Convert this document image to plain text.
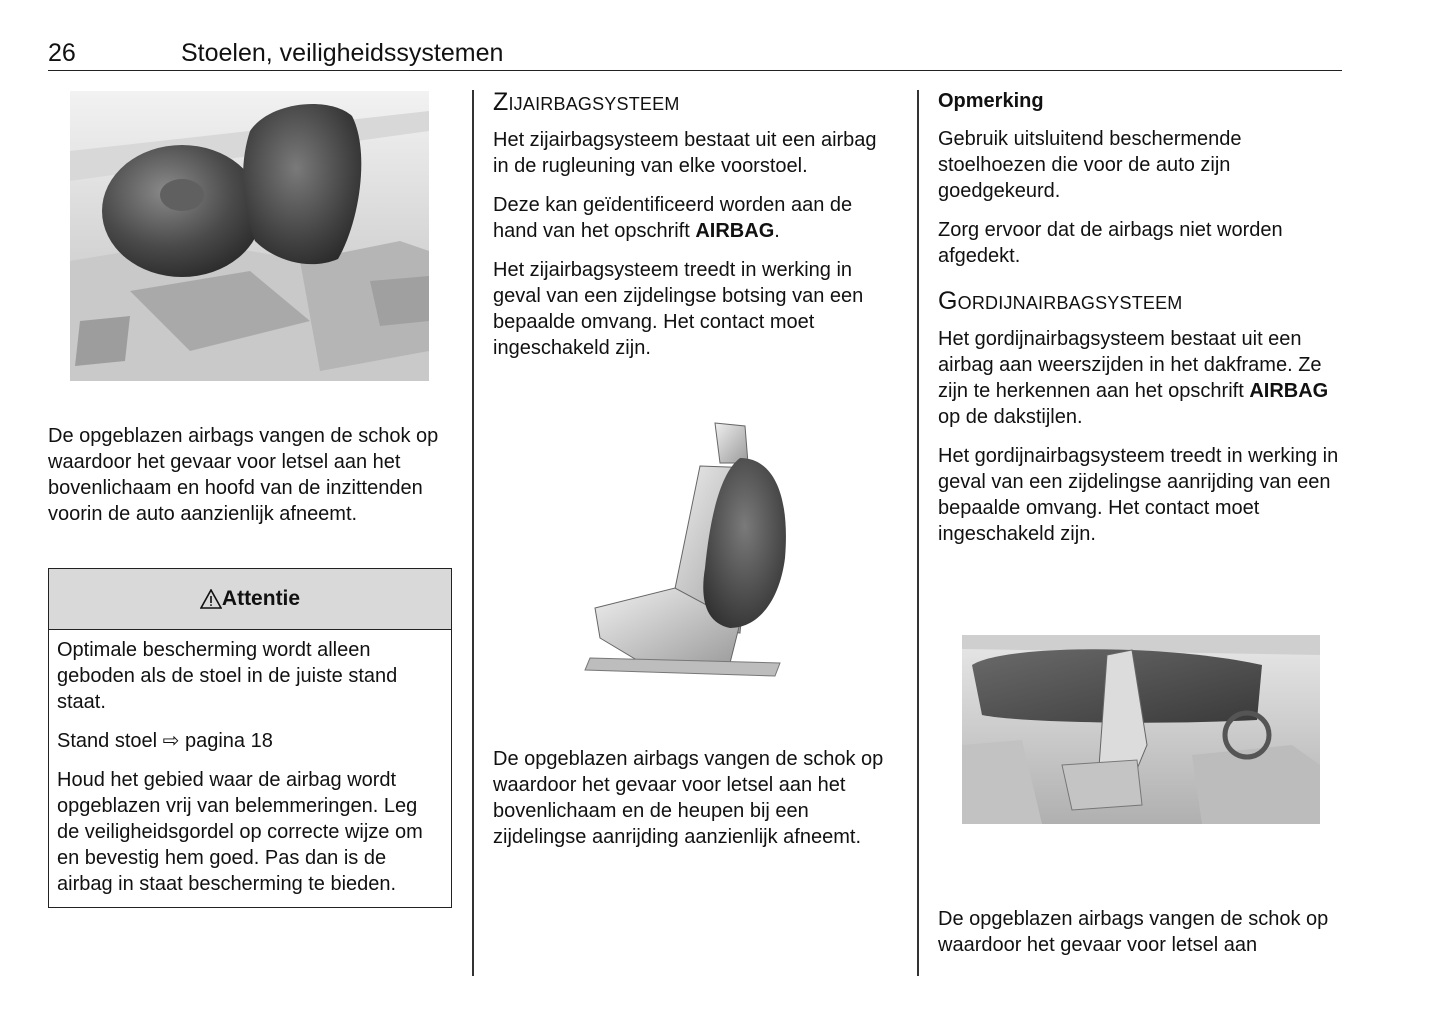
26	Stoelen, veiligheidssystemen

De opgeblazen airbags vangen de schok op waardoor het gevaar voor letsel aan het bovenlichaam en hoofd van de inzittenden voorin de auto aanzienlijk afneemt.

Attentie

Optimale bescherming wordt alleen geboden als de stoel in de juiste stand staat.

Stand stoel ⇨ pagina 18

Houd het gebied waar de airbag wordt opgeblazen vrij van belemmeringen. Leg de veiligheidsgordel op correcte wijze om en bevestig hem goed. Pas dan is de airbag in staat bescherming te bieden.

ZIJAIRBAGSYSTEEM

Het zijairbagsysteem bestaat uit een airbag in de rugleuning van elke voorstoel.

Deze kan geïdentificeerd worden aan de hand van het opschrift AIRBAG.

Het zijairbagsysteem treedt in werking in geval van een zijdelingse botsing van een bepaalde omvang. Het contact moet ingeschakeld zijn.

De opgeblazen airbags vangen de schok op waardoor het gevaar voor letsel aan het bovenlichaam en de heupen bij een zijdelingse aanrijding aanzienlijk afneemt.

Opmerking

Gebruik uitsluitend beschermende stoelhoezen die voor de auto zijn goedgekeurd.

Zorg ervoor dat de airbags niet worden afgedekt.

GORDIJNAIRBAGSYSTEEM

Het gordijnairbagsysteem bestaat uit een airbag aan weerszijden in het dakframe. Ze zijn te herkennen aan het opschrift AIRBAG op de dakstijlen.

Het gordijnairbagsysteem treedt in werking in geval van een zijdelingse aanrijding van een bepaalde omvang. Het contact moet ingeschakeld zijn.

De opgeblazen airbags vangen de schok op waardoor het gevaar voor letsel aan
